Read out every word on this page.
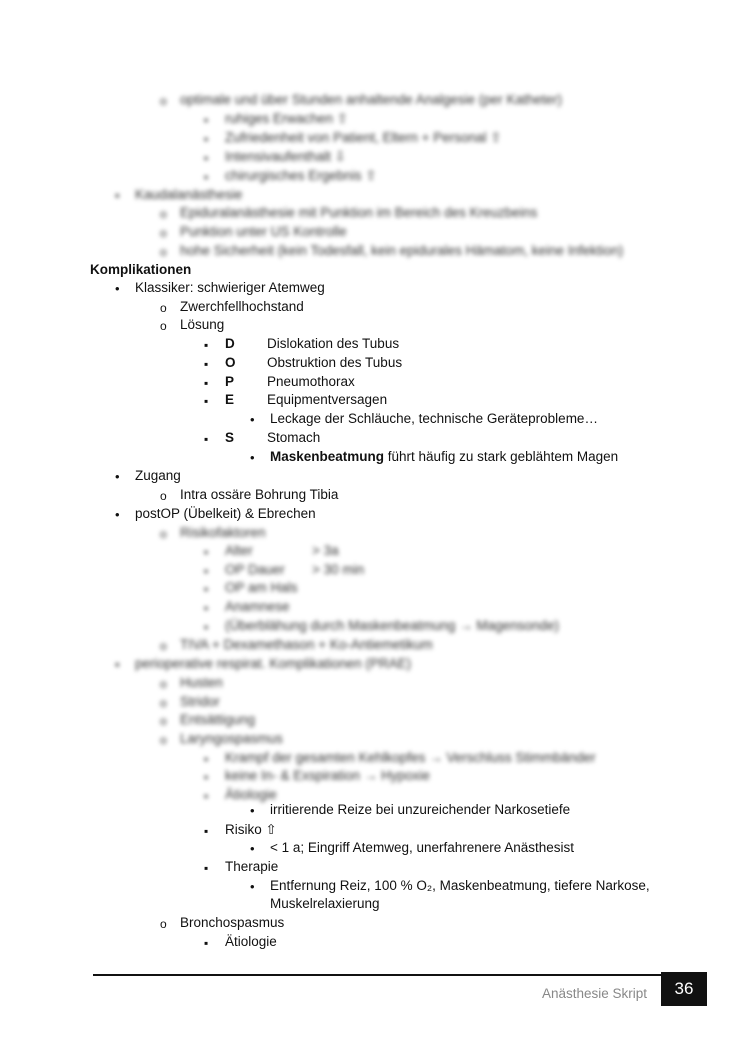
o
optimale und über Stunden anhaltende Analgesie (per Katheter)
▪
ruhiges Erwachen ⇧
▪
Zufriedenheit von Patient, Eltern + Personal ⇧
▪
Intensivaufenthalt ⇩
▪
chirurgisches Ergebnis ⇧
•
Kaudalanästhesie
o
Epiduralanästhesie mit Punktion im Bereich des Kreuzbeins
o
Punktion unter US Kontrolle
o
hohe Sicherheit (kein Todesfall, kein epidurales Hämatom, keine Infektion)
Komplikationen
•
Klassiker: schwieriger Atemweg
o
Zwerchfellhochstand
o
Lösung
▪
D Dislokation des Tubus
▪
O Obstruktion des Tubus
▪
P Pneumothorax
▪
E Equipmentversagen
•
Leckage der Schläuche, technische Geräteprobleme…
▪
S Stomach
•
Maskenbeatmung führt häufig zu stark geblähtem Magen
•
Zugang
o
Intra ossäre Bohrung Tibia
•
postOP (Übelkeit) & Ebrechen
o
Risikofaktoren
▪
Alter	> 3a
▪
OP Dauer > 30 min
▪
OP am Hals
▪
Anamnese
▪
(Überblähung durch Maskenbeatmung → Magensonde)
o
TIVA + Dexamethason + Ko-Antiemetikum
•
perioperative respirat. Komplikationen (PRAE)
o
Husten
o
Stridor
o
Entsättigung
o
Laryngospasmus
▪
Krampf der gesamten Kehlkopfes → Verschluss Stimmbänder
▪
keine In- & Exspiration → Hypoxie
▪
Ätiologie
•
irritierende Reize bei unzureichender Narkosetiefe
▪
Risiko ⇧
•
< 1 a; Eingriff Atemweg, unerfahrenere Anästhesist
▪
Therapie
•
Entfernung Reiz, 100 % O₂, Maskenbeatmung, tiefere Narkose,
Muskelrelaxierung
o
Bronchospasmus
▪
Ätiologie
Anästhesie Skript	36
